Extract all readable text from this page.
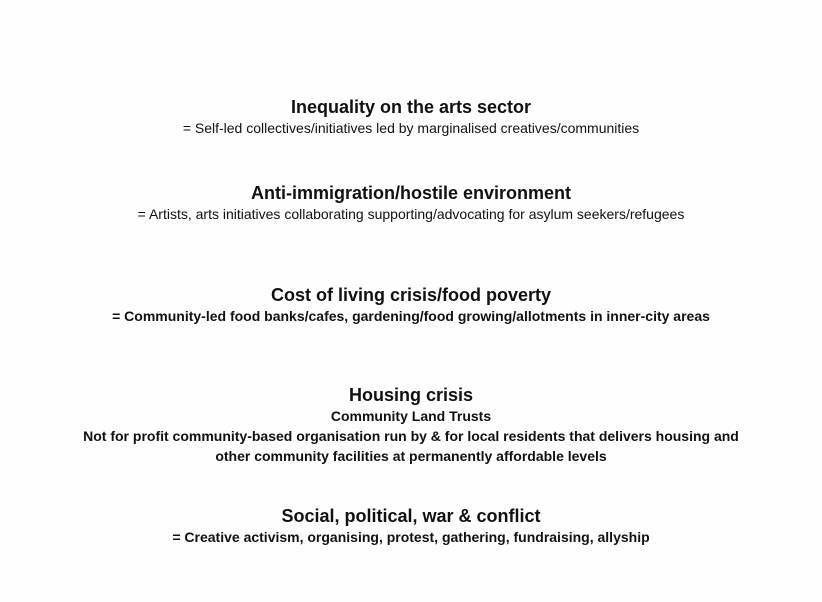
Inequality on the arts sector

= Self-led collectives/initiatives led by marginalised creatives/communities

Anti-immigration/hostile environment

= Artists, arts initiatives collaborating supporting/advocating for asylum seekers/refugees

Cost of living crisis/food poverty

= Community-led food banks/cafes, gardening/food growing/allotments in inner-city areas

Housing crisis

Community Land Trusts

Not for profit community-based organisation run by & for local residents that delivers housing and other community facilities at permanently affordable levels

Social, political, war & conflict

= Creative activism, organising, protest, gathering, fundraising, allyship
